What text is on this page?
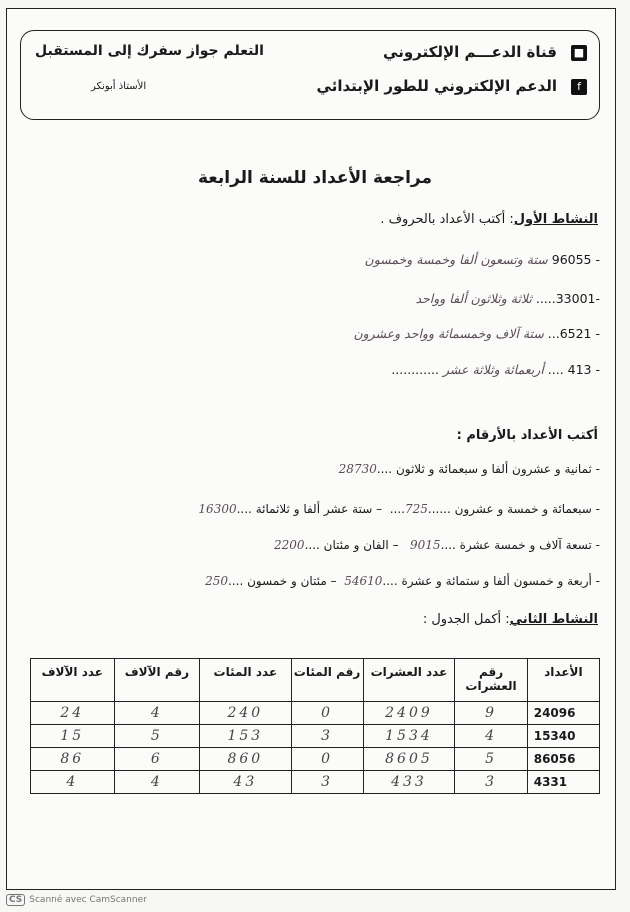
■
f
قناة الدعـــم الإلكتروني
الدعم الإلكتروني للطور الإبتدائي
التعلم جواز سفرك إلى المستقبل
الأستاذ أبونكر
مراجعة الأعداد للسنة الرابعة
النشاط الأول: أكتب الأعداد بالحروف .
- 96055 ستة وتسعون ألفا وخمسة وخمسون
-33001..... ثلاثة وثلاثون ألفا وواحد
- 6521... ستة آلاف وخمسمائة وواحد وعشرون
- 413 .... أربعمائة وثلاثة عشر ............
أكتب الأعداد بالأرقام :
- ثمانية و عشرون ألفا و سبعمائة و ثلاثون ....28730
- سبعمائة و خمسة و عشرون ......725....  – ستة عشر ألفا و ثلاثمائة ....16300
- تسعة آلاف و خمسة عشرة ....9015   – الفان و مئتان ....2200
- أربعة و خمسون ألفا و ستمائة و عشرة ....54610  – مئتان و خمسون ....250
النشاط الثاني: أكمل الجدول :
الأعداد	رقم العشرات	عدد العشرات	رقم المئات	عدد المئات	رقم الآلاف	عدد الآلاف
24096	9	2409	0	240	4	24
15340	4	1534	3	153	5	15
86056	5	8605	0	860	6	86
4331	3	433	3	43	4	4
CS Scanné avec CamScanner
